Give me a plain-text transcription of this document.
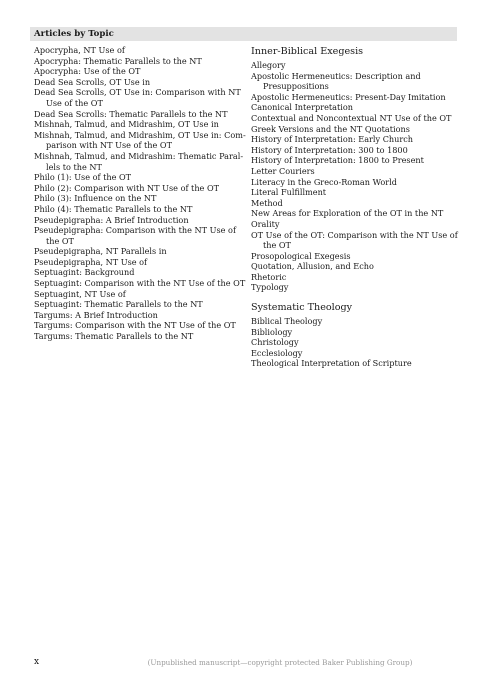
Articles by Topic
Apocrypha, NT Use of
Apocrypha: Thematic Parallels to the NT
Apocrypha: Use of the OT
Dead Sea Scrolls, OT Use in
Dead Sea Scrolls, OT Use in: Comparison with NT Use of the OT
Dead Sea Scrolls: Thematic Parallels to the NT
Mishnah, Talmud, and Midrashim, OT Use in
Mishnah, Talmud, and Midrashim, OT Use in: Com-parison with NT Use of the OT
Mishnah, Talmud, and Midrashim: Thematic Paral-lels to the NT
Philo (1): Use of the OT
Philo (2): Comparison with NT Use of the OT
Philo (3): Influence on the NT
Philo (4): Thematic Parallels to the NT
Pseudepigrapha: A Brief Introduction
Pseudepigrapha: Comparison with the NT Use of the OT
Pseudepigrapha, NT Parallels in
Pseudepigrapha, NT Use of
Septuagint: Background
Septuagint: Comparison with the NT Use of the OT
Septuagint, NT Use of
Septuagint: Thematic Parallels to the NT
Targums: A Brief Introduction
Targums: Comparison with the NT Use of the OT
Targums: Thematic Parallels to the NT
Inner-Biblical Exegesis
Allegory
Apostolic Hermeneutics: Description and Presuppositions
Apostolic Hermeneutics: Present-Day Imitation
Canonical Interpretation
Contextual and Noncontextual NT Use of the OT
Greek Versions and the NT Quotations
History of Interpretation: Early Church
History of Interpretation: 300 to 1800
History of Interpretation: 1800 to Present
Letter Couriers
Literacy in the Greco-Roman World
Literal Fulfillment
Method
New Areas for Exploration of the OT in the NT
Orality
OT Use of the OT: Comparison with the NT Use of the OT
Prosopological Exegesis
Quotation, Allusion, and Echo
Rhetoric
Typology
Systematic Theology
Biblical Theology
Bibliology
Christology
Ecclesiology
Theological Interpretation of Scripture
x	(Unpublished manuscript—copyright protected Baker Publishing Group)
